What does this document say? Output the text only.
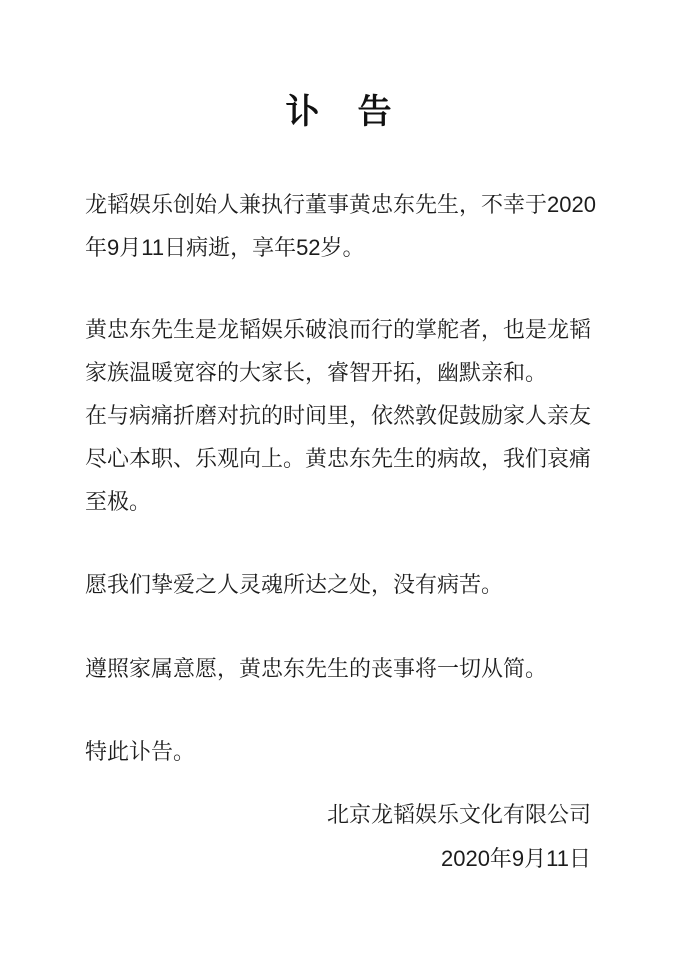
讣　告
龙韬娱乐创始人兼执行董事黄忠东先生，不幸于2020
年9月11日病逝，享年52岁。
黄忠东先生是龙韬娱乐破浪而行的掌舵者，也是龙韬
家族温暖宽容的大家长，睿智开拓，幽默亲和。
在与病痛折磨对抗的时间里，依然敦促鼓励家人亲友
尽心本职、乐观向上。黄忠东先生的病故，我们哀痛
至极。
愿我们挚爱之人灵魂所达之处，没有病苦。
遵照家属意愿，黄忠东先生的丧事将一切从简。
特此讣告。
北京龙韬娱乐文化有限公司
2020年9月11日
